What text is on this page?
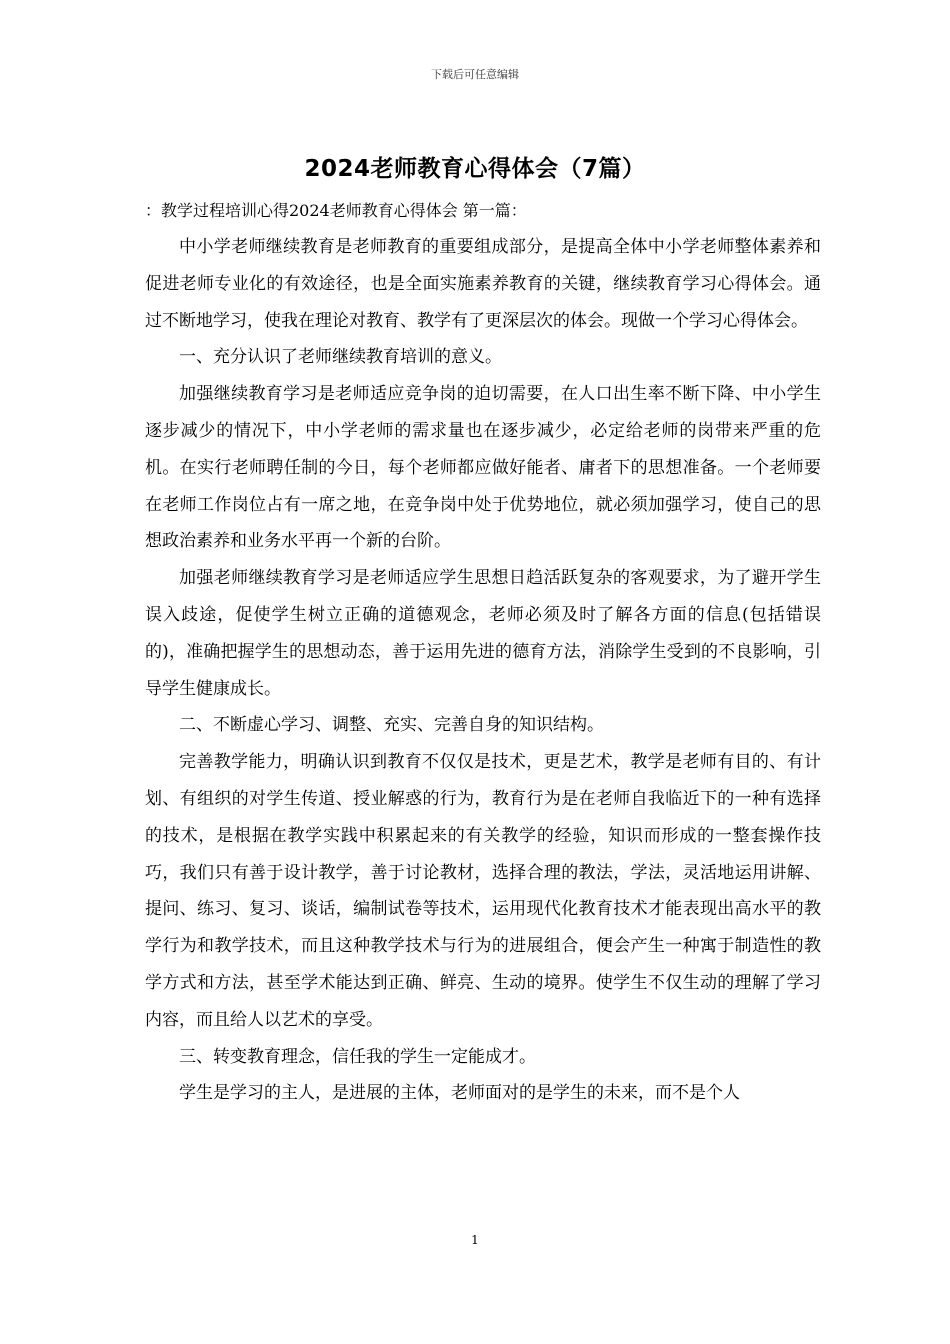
下载后可任意编辑
2024老师教育心得体会（7篇）
：教学过程培训心得2024老师教育心得体会 第一篇：

中小学老师继续教育是老师教育的重要组成部分，是提高全体中小学老师整体素养和促进老师专业化的有效途径，也是全面实施素养教育的关键，继续教育学习心得体会。通过不断地学习，使我在理论对教育、教学有了更深层次的体会。现做一个学习心得体会。

一、充分认识了老师继续教育培训的意义。

加强继续教育学习是老师适应竞争岗的迫切需要，在人口出生率不断下降、中小学生逐步减少的情况下，中小学老师的需求量也在逐步减少，必定给老师的岗带来严重的危机。在实行老师聘任制的今日，每个老师都应做好能者、庸者下的思想准备。一个老师要在老师工作岗位占有一席之地，在竞争岗中处于优势地位，就必须加强学习，使自己的思想政治素养和业务水平再一个新的台阶。

加强老师继续教育学习是老师适应学生思想日趋活跃复杂的客观要求，为了避开学生误入歧途，促使学生树立正确的道德观念，老师必须及时了解各方面的信息(包括错误的)，准确把握学生的思想动态，善于运用先进的德育方法，消除学生受到的不良影响，引导学生健康成长。

二、不断虚心学习、调整、充实、完善自身的知识结构。

完善教学能力，明确认识到教育不仅仅是技术，更是艺术，教学是老师有目的、有计划、有组织的对学生传道、授业解惑的行为，教育行为是在老师自我临近下的一种有选择的技术，是根据在教学实践中积累起来的有关教学的经验，知识而形成的一整套操作技巧，我们只有善于设计教学，善于讨论教材，选择合理的教法，学法，灵活地运用讲解、提问、练习、复习、谈话，编制试卷等技术，运用现代化教育技术才能表现出高水平的教学行为和教学技术，而且这种教学技术与行为的进展组合，便会产生一种寓于制造性的教学方式和方法，甚至学术能达到正确、鲜亮、生动的境界。使学生不仅生动的理解了学习内容，而且给人以艺术的享受。

三、转变教育理念，信任我的学生一定能成才。

学生是学习的主人，是进展的主体，老师面对的是学生的未来，而不是个人

1
